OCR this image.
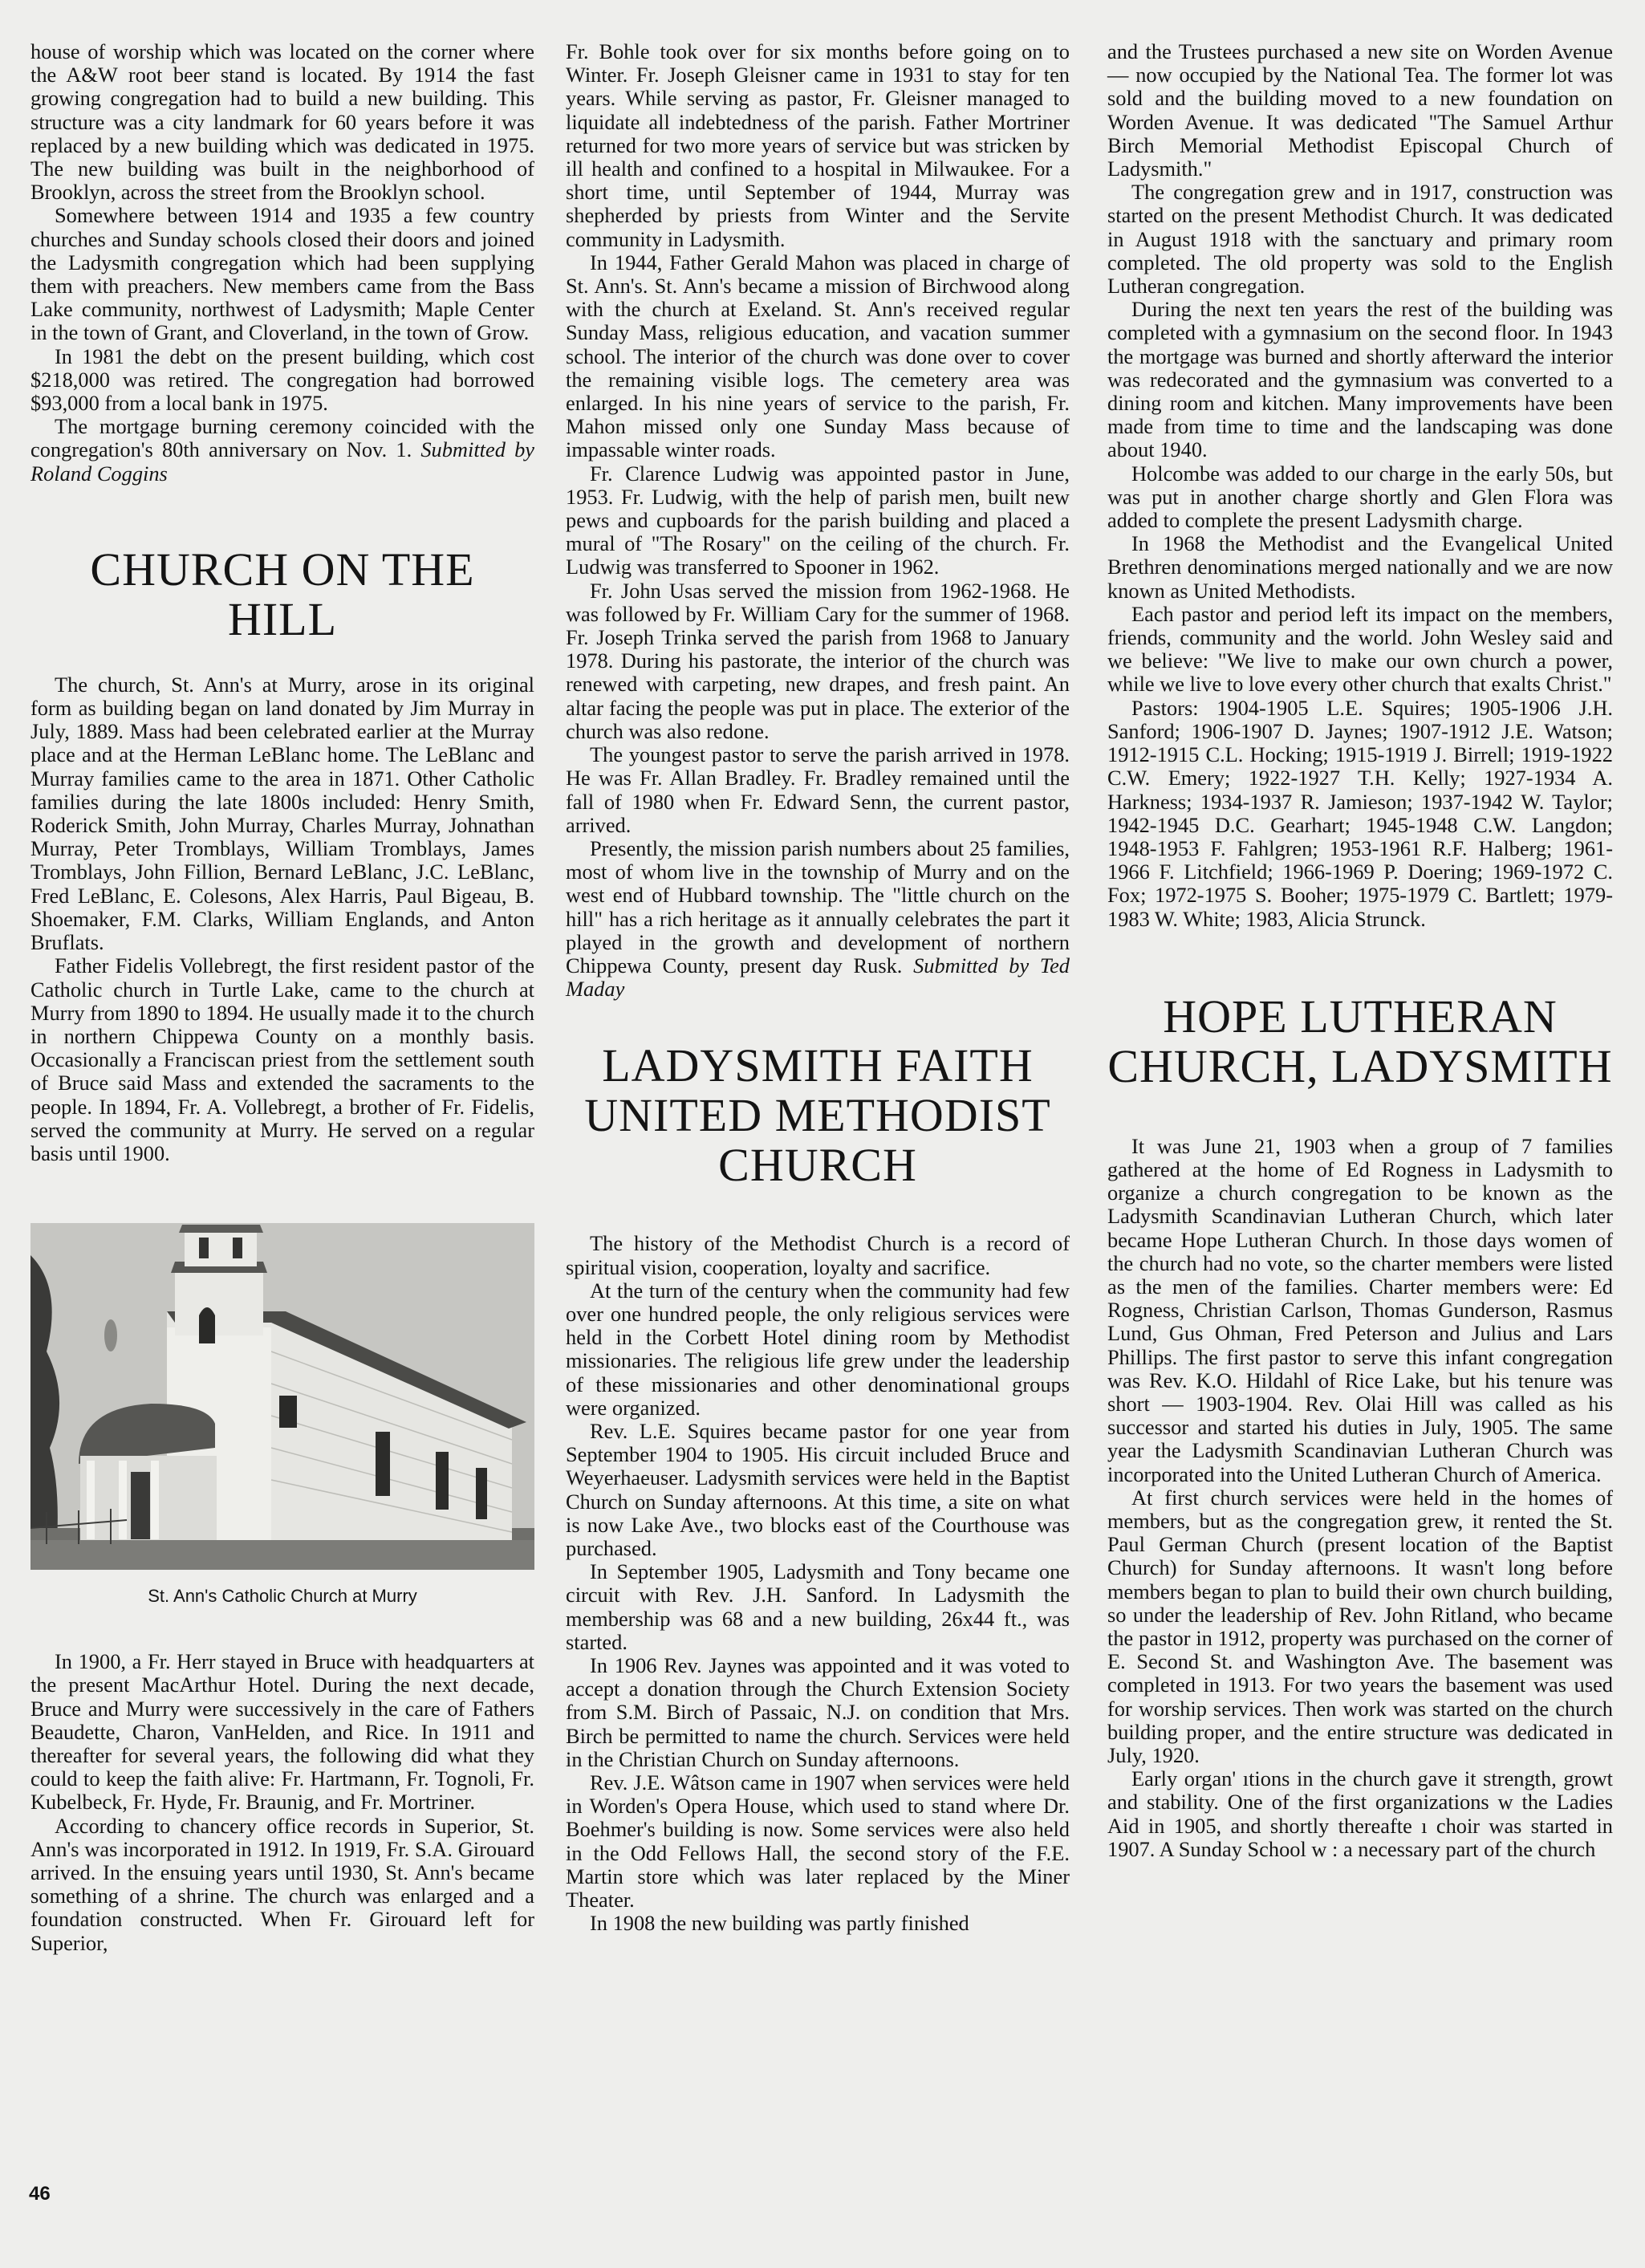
house of worship which was located on the corner where the A&W root beer stand is located. By 1914 the fast growing congregation had to build a new building. This structure was a city landmark for 60 years before it was replaced by a new building which was dedicated in 1975. The new building was built in the neighborhood of Brooklyn, across the street from the Brooklyn school.

Somewhere between 1914 and 1935 a few country churches and Sunday schools closed their doors and joined the Ladysmith congregation which had been supplying them with preachers. New members came from the Bass Lake community, northwest of Ladysmith; Maple Center in the town of Grant, and Cloverland, in the town of Grow.

In 1981 the debt on the present building, which cost $218,000 was retired. The congregation had borrowed $93,000 from a local bank in 1975.

The mortgage burning ceremony coincided with the congregation's 80th anniversary on Nov. 1. Submitted by Roland Coggins

CHURCH ON THE HILL

The church, St. Ann's at Murry, arose in its original form as building began on land donated by Jim Murray in July, 1889. Mass had been celebrated earlier at the Murray place and at the Herman LeBlanc home. The LeBlanc and Murray families came to the area in 1871. Other Catholic families during the late 1800s included: Henry Smith, Roderick Smith, John Murray, Charles Murray, Johnathan Murray, Peter Tromblays, William Tromblays, James Tromblays, John Fillion, Bernard LeBlanc, J.C. LeBlanc, Fred LeBlanc, E. Colesons, Alex Harris, Paul Bigeau, B. Shoemaker, F.M. Clarks, William Englands, and Anton Bruflats.

Father Fidelis Vollebregt, the first resident pastor of the Catholic church in Turtle Lake, came to the church at Murry from 1890 to 1894. He usually made it to the church in northern Chippewa County on a monthly basis. Occasionally a Franciscan priest from the settlement south of Bruce said Mass and extended the sacraments to the people. In 1894, Fr. A. Vollebregt, a brother of Fr. Fidelis, served the community at Murry. He served on a regular basis until 1900.

St. Ann's Catholic Church at Murry

In 1900, a Fr. Herr stayed in Bruce with headquarters at the present MacArthur Hotel. During the next decade, Bruce and Murry were successively in the care of Fathers Beaudette, Charon, VanHelden, and Rice. In 1911 and thereafter for several years, the following did what they could to keep the faith alive: Fr. Hartmann, Fr. Tognoli, Fr. Kubelbeck, Fr. Hyde, Fr. Braunig, and Fr. Mortriner.

According to chancery office records in Superior, St. Ann's was incorporated in 1912. In 1919, Fr. S.A. Girouard arrived. In the ensuing years until 1930, St. Ann's became something of a shrine. The church was enlarged and a foundation constructed. When Fr. Girouard left for Superior,

Fr. Bohle took over for six months before going on to Winter. Fr. Joseph Gleisner came in 1931 to stay for ten years. While serving as pastor, Fr. Gleisner managed to liquidate all indebtedness of the parish. Father Mortriner returned for two more years of service but was stricken by ill health and confined to a hospital in Milwaukee. For a short time, until September of 1944, Murray was shepherded by priests from Winter and the Servite community in Ladysmith.

In 1944, Father Gerald Mahon was placed in charge of St. Ann's. St. Ann's became a mission of Birchwood along with the church at Exeland. St. Ann's received regular Sunday Mass, religious education, and vacation summer school. The interior of the church was done over to cover the remaining visible logs. The cemetery area was enlarged. In his nine years of service to the parish, Fr. Mahon missed only one Sunday Mass because of impassable winter roads.

Fr. Clarence Ludwig was appointed pastor in June, 1953. Fr. Ludwig, with the help of parish men, built new pews and cupboards for the parish building and placed a mural of "The Rosary" on the ceiling of the church. Fr. Ludwig was transferred to Spooner in 1962.

Fr. John Usas served the mission from 1962-1968. He was followed by Fr. William Cary for the summer of 1968. Fr. Joseph Trinka served the parish from 1968 to January 1978. During his pastorate, the interior of the church was renewed with carpeting, new drapes, and fresh paint. An altar facing the people was put in place. The exterior of the church was also redone.

The youngest pastor to serve the parish arrived in 1978. He was Fr. Allan Bradley. Fr. Bradley remained until the fall of 1980 when Fr. Edward Senn, the current pastor, arrived.

Presently, the mission parish numbers about 25 families, most of whom live in the township of Murry and on the west end of Hubbard township. The "little church on the hill" has a rich heritage as it annually celebrates the part it played in the growth and development of northern Chippewa County, present day Rusk. Submitted by Ted Maday

LADYSMITH FAITH UNITED METHODIST CHURCH

The history of the Methodist Church is a record of spiritual vision, cooperation, loyalty and sacrifice.

At the turn of the century when the community had few over one hundred people, the only religious services were held in the Corbett Hotel dining room by Methodist missionaries. The religious life grew under the leadership of these missionaries and other denominational groups were organized.

Rev. L.E. Squires became pastor for one year from September 1904 to 1905. His circuit included Bruce and Weyerhaeuser. Ladysmith services were held in the Baptist Church on Sunday afternoons. At this time, a site on what is now Lake Ave., two blocks east of the Courthouse was purchased.

In September 1905, Ladysmith and Tony became one circuit with Rev. J.H. Sanford. In Ladysmith the membership was 68 and a new building, 26x44 ft., was started.

In 1906 Rev. Jaynes was appointed and it was voted to accept a donation through the Church Extension Society from S.M. Birch of Passaic, N.J. on condition that Mrs. Birch be permitted to name the church. Services were held in the Christian Church on Sunday afternoons.

Rev. J.E. Wâtson came in 1907 when services were held in Worden's Opera House, which used to stand where Dr. Boehmer's building is now. Some services were also held in the Odd Fellows Hall, the second story of the F.E. Martin store which was later replaced by the Miner Theater.

In 1908 the new building was partly finished

and the Trustees purchased a new site on Worden Avenue — now occupied by the National Tea. The former lot was sold and the building moved to a new foundation on Worden Avenue. It was dedicated "The Samuel Arthur Birch Memorial Methodist Episcopal Church of Ladysmith."

The congregation grew and in 1917, construction was started on the present Methodist Church. It was dedicated in August 1918 with the sanctuary and primary room completed. The old property was sold to the English Lutheran congregation.

During the next ten years the rest of the building was completed with a gymnasium on the second floor. In 1943 the mortgage was burned and shortly afterward the interior was redecorated and the gymnasium was converted to a dining room and kitchen. Many improvements have been made from time to time and the landscaping was done about 1940.

Holcombe was added to our charge in the early 50s, but was put in another charge shortly and Glen Flora was added to complete the present Ladysmith charge.

In 1968 the Methodist and the Evangelical United Brethren denominations merged nationally and we are now known as United Methodists.

Each pastor and period left its impact on the members, friends, community and the world. John Wesley said and we believe: "We live to make our own church a power, while we live to love every other church that exalts Christ."

Pastors: 1904-1905 L.E. Squires; 1905-1906 J.H. Sanford; 1906-1907 D. Jaynes; 1907-1912 J.E. Watson; 1912-1915 C.L. Hocking; 1915-1919 J. Birrell; 1919-1922 C.W. Emery; 1922-1927 T.H. Kelly; 1927-1934 A. Harkness; 1934-1937 R. Jamieson; 1937-1942 W. Taylor; 1942-1945 D.C. Gearhart; 1945-1948 C.W. Langdon; 1948-1953 F. Fahlgren; 1953-1961 R.F. Halberg; 1961-1966 F. Litchfield; 1966-1969 P. Doering; 1969-1972 C. Fox; 1972-1975 S. Booher; 1975-1979 C. Bartlett; 1979-1983 W. White; 1983, Alicia Strunck.

HOPE LUTHERAN CHURCH, LADYSMITH

It was June 21, 1903 when a group of 7 families gathered at the home of Ed Rogness in Ladysmith to organize a church congregation to be known as the Ladysmith Scandinavian Lutheran Church, which later became Hope Lutheran Church. In those days women of the church had no vote, so the charter members were listed as the men of the families. Charter members were: Ed Rogness, Christian Carlson, Thomas Gunderson, Rasmus Lund, Gus Ohman, Fred Peterson and Julius and Lars Phillips. The first pastor to serve this infant congregation was Rev. K.O. Hildahl of Rice Lake, but his tenure was short — 1903-1904. Rev. Olai Hill was called as his successor and started his duties in July, 1905. The same year the Ladysmith Scandinavian Lutheran Church was incorporated into the United Lutheran Church of America.

At first church services were held in the homes of members, but as the congregation grew, it rented the St. Paul German Church (present location of the Baptist Church) for Sunday afternoons. It wasn't long before members began to plan to build their own church building, so under the leadership of Rev. John Ritland, who became the pastor in 1912, property was purchased on the corner of E. Second St. and Washington Ave. The basement was completed in 1913. For two years the basement was used for worship services. Then work was started on the church building proper, and the entire structure was dedicated in July, 1920.

Early organ' ıtions in the church gave it strength, growt and stability. One of the first organizations w the Ladies Aid in 1905, and shortly thereafte ı choir was started in 1907. A Sunday School w : a necessary part of the church

46
